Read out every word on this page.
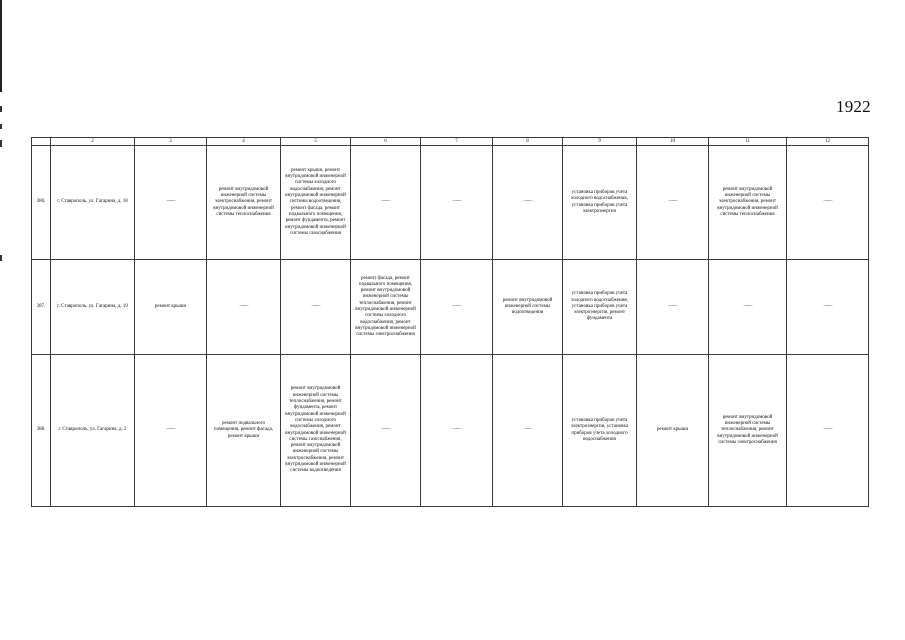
1922
	2	3	4	5	6	7	8	9	10	11	12
386.	г. Ставрополь, ул. Гагарина, д. 18	——	ремонт внутридомовой инженерной системы электроснабжения, ремонт внутридомовой инженерной системы теплоснабжения	ремонт крыши, ремонт внутридомовой инженерной системы холодного водоснабжения, ремонт внутридомовой инженерной системы водоотведения, ремонт фасада, ремонт подвального помещения, ремонт фундамента, ремонт внутридомовой инженерной системы газоснабжения	——	——	——	установка приборов учета холодного водоснабжения, установка приборов учета электроэнергии	——	ремонт внутридомовой инженерной системы электроснабжения, ремонт внутридомовой инженерной системы теплоснабжения	——
387.	г. Ставрополь, ул. Гагарина, д. 19	ремонт крыши	——	——	ремонт фасада, ремонт подвального помещения, ремонт внутридомовой инженерной системы теплоснабжения, ремонт внутридомовой инженерной системы холодного водоснабжения, ремонт внутридомовой инженерной системы электроснабжения	——	ремонт внутридомовой инженерной системы водоотведения	установка приборов учета холодного водоснабжения, установка приборов учета электроэнергии, ремонт фундамента	——	——	——
388.	г. Ставрополь, ул. Гагарина, д. 2	——	ремонт подвального помещения, ремонт фасада, ремонт крыши	ремонт внутридомовой инженерной системы теплоснабжения, ремонт фундамента, ремонт внутридомовой инженерной системы холодного водоснабжения, ремонт внутридомовой инженерной системы газоснабжения, ремонт внутридомовой инженерной системы электроснабжения, ремонт внутридомовой инженерной системы водоотведения	——	——	——	установка приборов учета электроэнергии, установка приборов учета холодного водоснабжения	ремонт крыши	ремонт внутридомовой инженерной системы теплоснабжения, ремонт внутридомовой инженерной системы электроснабжения	——
